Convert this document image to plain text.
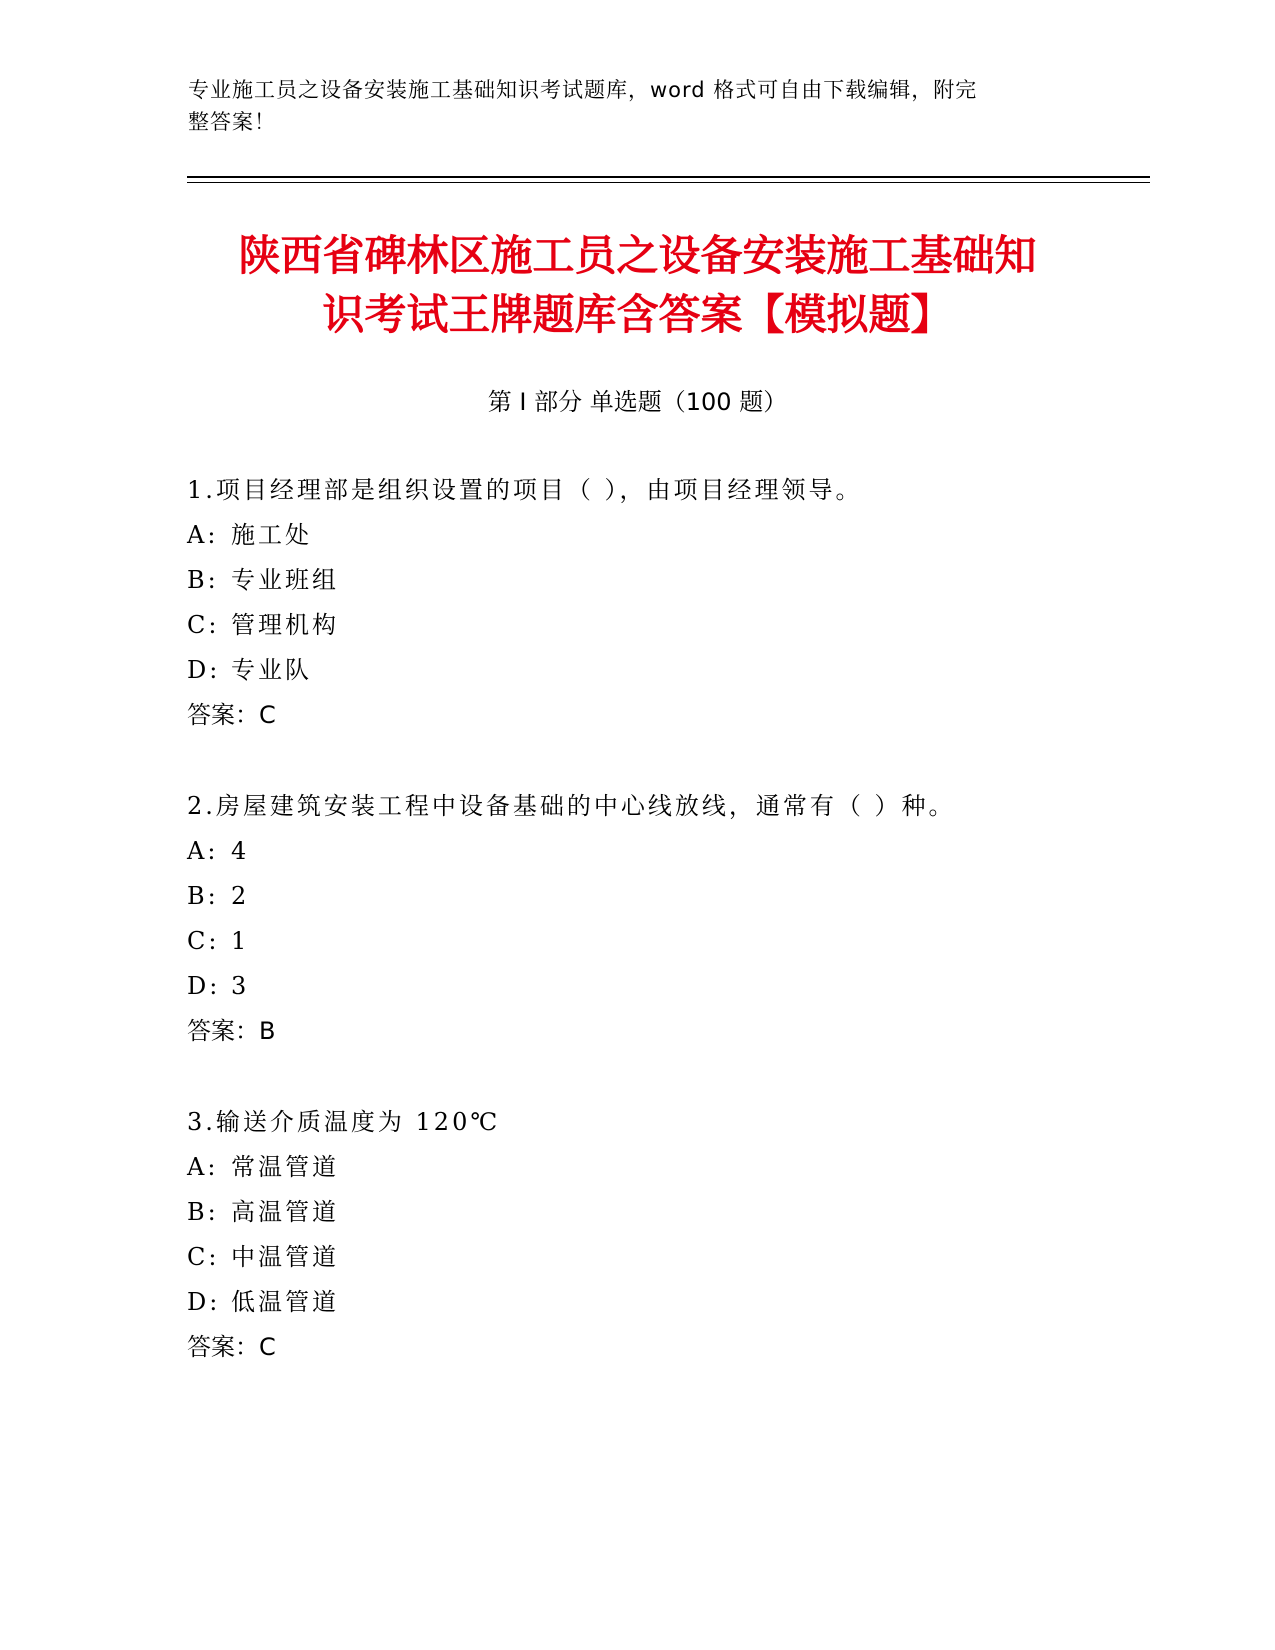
专业施工员之设备安装施工基础知识考试题库，word 格式可自由下载编辑，附完
整答案！
陕西省碑林区施工员之设备安装施工基础知
识考试王牌题库含答案【模拟题】
第 I 部分 单选题（100 题）
1.项目经理部是组织设置的项目（ ），由项目经理领导。
A: 施工处
B: 专业班组
C: 管理机构
D: 专业队
答案：C
2.房屋建筑安装工程中设备基础的中心线放线，通常有（ ）种。
A: 4
B: 2
C: 1
D: 3
答案：B
3.输送介质温度为 120℃
A: 常温管道
B: 高温管道
C: 中温管道
D: 低温管道
答案：C
